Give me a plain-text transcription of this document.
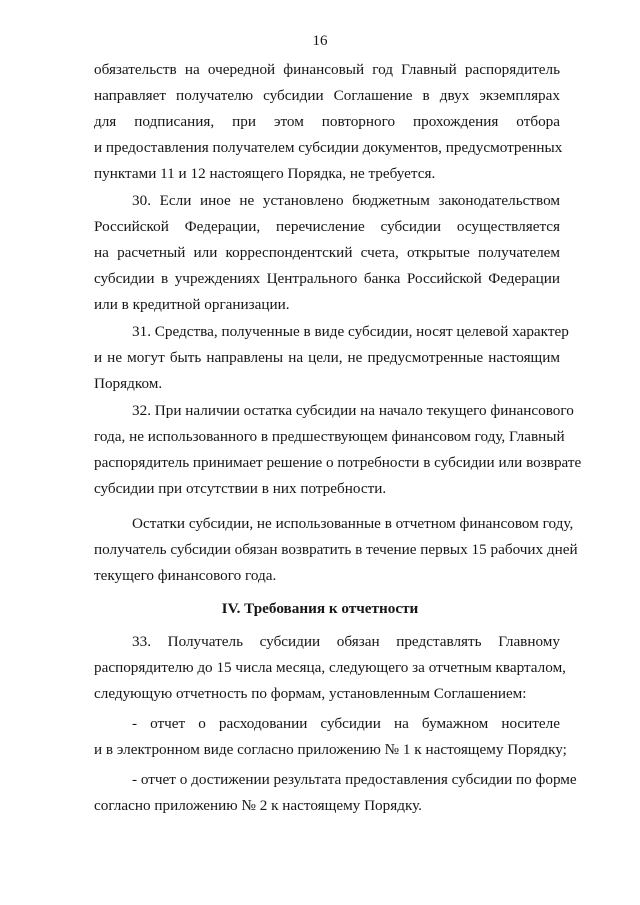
16
обязательств на очередной финансовый год Главный распорядитель
направляет получателю субсидии Соглашение в двух экземплярах
для подписания, при этом повторного прохождения отбора
и предоставления получателем субсидии документов, предусмотренных
пунктами 11 и 12 настоящего Порядка, не требуется.
30. Если иное не установлено бюджетным законодательством
Российской Федерации, перечисление субсидии осуществляется
на расчетный или корреспондентский счета, открытые получателем
субсидии в учреждениях Центрального банка Российской Федерации
или в кредитной организации.
31. Средства, полученные в виде субсидии, носят целевой характер
и не могут быть направлены на цели, не предусмотренные настоящим
Порядком.
32. При наличии остатка субсидии на начало текущего финансового
года, не использованного в предшествующем финансовом году, Главный
распорядитель принимает решение о потребности в субсидии или возврате
субсидии при отсутствии в них потребности.
Остатки субсидии, не использованные в отчетном финансовом году,
получатель субсидии обязан возвратить в течение первых 15 рабочих дней
текущего финансового года.
IV. Требования к отчетности
33. Получатель субсидии обязан представлять Главному
распорядителю до 15 числа месяца, следующего за отчетным кварталом,
следующую отчетность по формам, установленным Соглашением:
- отчет о расходовании субсидии на бумажном носителе
и в электронном виде согласно приложению № 1 к настоящему Порядку;
- отчет о достижении результата предоставления субсидии по форме
согласно приложению № 2 к настоящему Порядку.
